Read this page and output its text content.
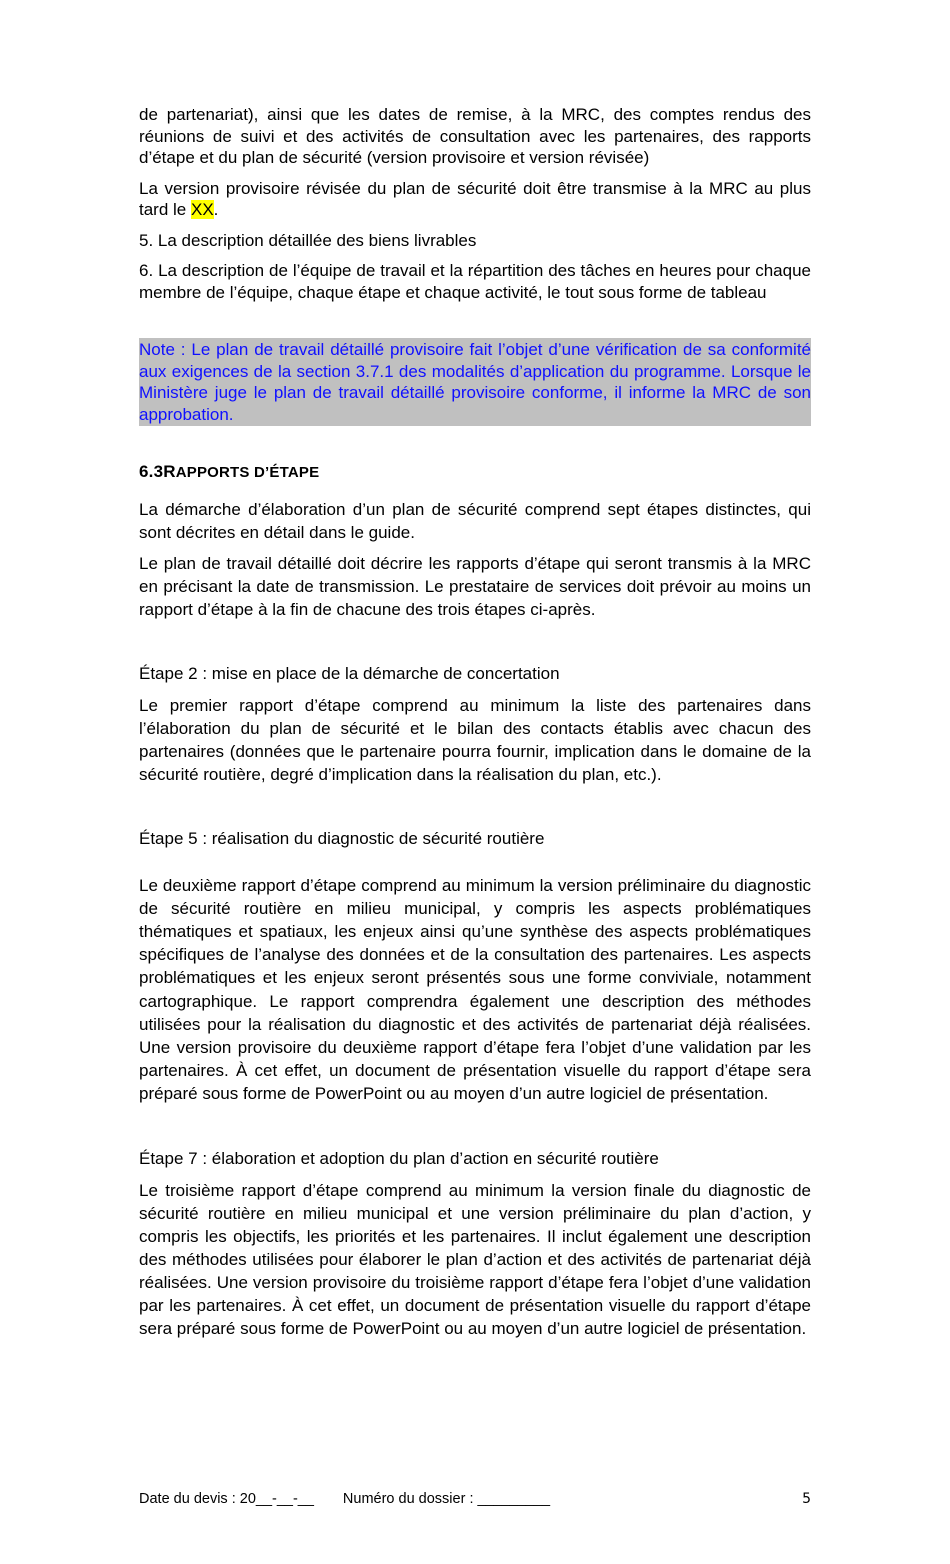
de partenariat), ainsi que les dates de remise, à la MRC, des comptes rendus des réunions de suivi et des activités de consultation avec les partenaires, des rapports d’étape et du plan de sécurité (version provisoire et version révisée)

La version provisoire révisée du plan de sécurité doit être transmise à la MRC au plus tard le XX.

5. La description détaillée des biens livrables

6. La description de l’équipe de travail et la répartition des tâches en heures pour chaque membre de l’équipe, chaque étape et chaque activité, le tout sous forme de tableau

Note : Le plan de travail détaillé provisoire fait l’objet d’une vérification de sa conformité aux exigences de la section 3.7.1 des modalités d’application du programme. Lorsque le Ministère juge le plan de travail détaillé provisoire conforme, il informe la MRC de son approbation.

6.3RAPPORTS D’ÉTAPE

La démarche d’élaboration d’un plan de sécurité comprend sept étapes distinctes, qui sont décrites en détail dans le guide.

Le plan de travail détaillé doit décrire les rapports d’étape qui seront transmis à la MRC en précisant la date de transmission. Le prestataire de services doit prévoir au moins un rapport d’étape à la fin de chacune des trois étapes ci-après.

Étape 2 : mise en place de la démarche de concertation

Le premier rapport d’étape comprend au minimum la liste des partenaires dans l’élaboration du plan de sécurité et le bilan des contacts établis avec chacun des partenaires (données que le partenaire pourra fournir, implication dans le domaine de la sécurité routière, degré d’implication dans la réalisation du plan, etc.).

Étape 5 : réalisation du diagnostic de sécurité routière

Le deuxième rapport d’étape comprend au minimum la version préliminaire du diagnostic de sécurité routière en milieu municipal, y compris les aspects problématiques thématiques et spatiaux, les enjeux ainsi qu’une synthèse des aspects problématiques spécifiques de l’analyse des données et de la consultation des partenaires. Les aspects problématiques et les enjeux seront présentés sous une forme conviviale, notamment cartographique. Le rapport comprendra également une description des méthodes utilisées pour la réalisation du diagnostic et des activités de partenariat déjà réalisées. Une version provisoire du deuxième rapport d’étape fera l’objet d’une validation par les partenaires. À cet effet, un document de présentation visuelle du rapport d’étape sera préparé sous forme de PowerPoint ou au moyen d’un autre logiciel de présentation.

Étape 7 : élaboration et adoption du plan d’action en sécurité routière

Le troisième rapport d’étape comprend au minimum la version finale du diagnostic de sécurité routière en milieu municipal et une version préliminaire du plan d’action, y compris les objectifs, les priorités et les partenaires. Il inclut également une description des méthodes utilisées pour élaborer le plan d’action et des activités de partenariat déjà réalisées. Une version provisoire du troisième rapport d’étape fera l’objet d’une validation par les partenaires. À cet effet, un document de présentation visuelle du rapport d’étape sera préparé sous forme de PowerPoint ou au moyen d’un autre logiciel de présentation.

Date du devis : 20__-__-__ Numéro du dossier : _________	5
